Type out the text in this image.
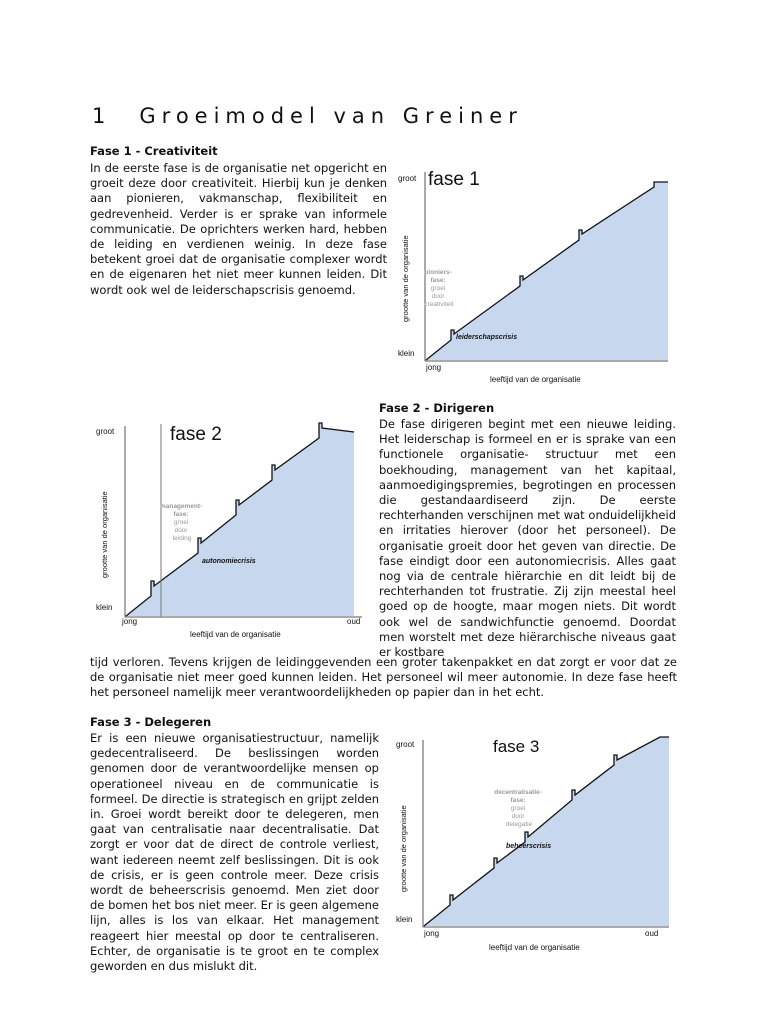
1 Groeimodel van Greiner
Fase 1 - Creativiteit
In de eerste fase is de organisatie net opgericht en groeit deze door creativiteit. Hierbij kun je denken aan pionieren, vakmanschap, flexibiliteit en gedrevenheid. Verder is er sprake van informele communicatie. De oprichters werken hard, hebben de leiding en verdienen weinig. In deze fase betekent groei dat de organisatie complexer wordt en de eigenaren het niet meer kunnen leiden. Dit wordt ook wel de leiderschapscrisis genoemd.
fase 1
groot
klein
jong
leeftijd van de organisatie
grootte van de organisatie pioniers- fase: groei door creativiteit
leiderschapscrisis
fase 2
groot
klein
jong	oud
leeftijd van de organisatie
grootte van de organisatie	management- fase: groei door leiding
autonomiecrisis
Fase 2 - Dirigeren
De fase dirigeren begint met een nieuwe leiding. Het leiderschap is formeel en er is sprake van een functionele organisatie- structuur met een boekhouding, management van het kapitaal, aanmoedigingspremies, begrotingen en processen die gestandaardiseerd zijn. De eerste rechterhanden verschijnen met wat onduidelijkheid en irritaties hierover (door het personeel). De organisatie groeit door het geven van directie. De fase eindigt door een autonomiecrisis. Alles gaat nog via de centrale hiërarchie en dit leidt bij de rechterhanden tot frustratie. Zij zijn meestal heel goed op de hoogte, maar mogen niets. Dit wordt ook wel de sandwichfunctie genoemd. Doordat men worstelt met deze hiërarchische niveaus gaat er kostbare
tijd verloren. Tevens krijgen de leidinggevenden een groter takenpakket en dat zorgt er voor dat ze de organisatie niet meer goed kunnen leiden. Het personeel wil meer autonomie. In deze fase heeft het personeel namelijk meer verantwoordelijkheden op papier dan in het echt.
Fase 3 - Delegeren
Er is een nieuwe organisatiestructuur, namelijk gedecentraliseerd. De beslissingen worden genomen door de verantwoordelijke mensen op operationeel niveau en de communicatie is formeel. De directie is strategisch en grijpt zelden in. Groei wordt bereikt door te delegeren, men gaat van centralisatie naar decentralisatie. Dat zorgt er voor dat de direct de controle verliest, want iedereen neemt zelf beslissingen. Dit is ook de crisis, er is geen controle meer. Deze crisis wordt de beheerscrisis genoemd. Men ziet door de bomen het bos niet meer. Er is geen algemene lijn, alles is los van elkaar. Het management reageert hier meestal op door te centraliseren. Echter, de organisatie is te groot en te complex geworden en dus mislukt dit.
fase 3
groot
klein
jong	oud
leeftijd van de organisatie
grootte van de organisatie
decentralisatie- fase: groei door delegatie
beheerscrisis
